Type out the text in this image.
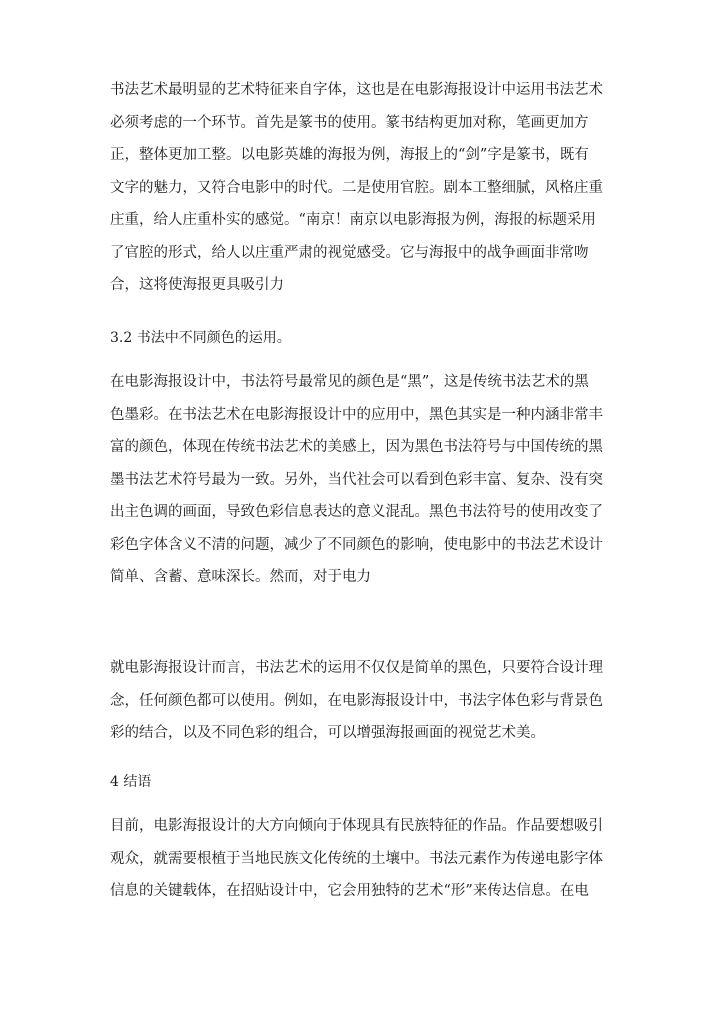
书法艺术最明显的艺术特征来自字体，这也是在电影海报设计中运用书法艺术
必须考虑的一个环节。首先是篆书的使用。篆书结构更加对称，笔画更加方
正，整体更加工整。以电影英雄的海报为例，海报上的“剑”字是篆书，既有
文字的魅力，又符合电影中的时代。二是使用官腔。剧本工整细腻，风格庄重
庄重，给人庄重朴实的感觉。“南京！南京以电影海报为例，海报的标题采用
了官腔的形式，给人以庄重严肃的视觉感受。它与海报中的战争画面非常吻
合，这将使海报更具吸引力

3.2 书法中不同颜色的运用。

在电影海报设计中，书法符号最常见的颜色是“黑”，这是传统书法艺术的黑
色墨彩。在书法艺术在电影海报设计中的应用中，黑色其实是一种内涵非常丰
富的颜色，体现在传统书法艺术的美感上，因为黑色书法符号与中国传统的黑
墨书法艺术符号最为一致。另外，当代社会可以看到色彩丰富、复杂、没有突
出主色调的画面，导致色彩信息表达的意义混乱。黑色书法符号的使用改变了
彩色字体含义不清的问题，减少了不同颜色的影响，使电影中的书法艺术设计
简单、含蓄、意味深长。然而，对于电力

就电影海报设计而言，书法艺术的运用不仅仅是简单的黑色，只要符合设计理
念，任何颜色都可以使用。例如，在电影海报设计中，书法字体色彩与背景色
彩的结合，以及不同色彩的组合，可以增强海报画面的视觉艺术美。

4 结语

目前，电影海报设计的大方向倾向于体现具有民族特征的作品。作品要想吸引
观众，就需要根植于当地民族文化传统的土壤中。书法元素作为传递电影字体
信息的关键载体，在招贴设计中，它会用独特的艺术“形”来传达信息。在电
